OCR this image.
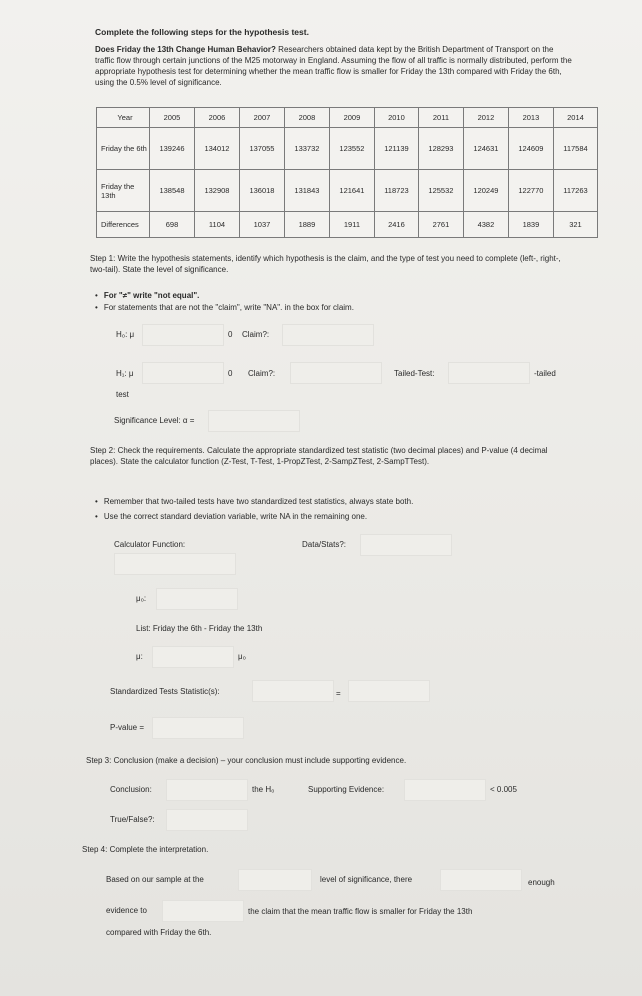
Complete the following steps for the hypothesis test.
Does Friday the 13th Change Human Behavior? Researchers obtained data kept by the British Department of Transport on the traffic flow through certain junctions of the M25 motorway in England. Assuming the flow of all traffic is normally distributed, perform the appropriate hypothesis test for determining whether the mean traffic flow is smaller for Friday the 13th compared with Friday the 6th, using the 0.5% level of significance.
Year	2005	2006	2007	2008	2009	2010	2011	2012	2013	2014
Friday the 6th	139246	134012	137055	133732	123552	121139	128293	124631	124609	117584
Friday the 13th	138548	132908	136018	131843	121641	118723	125532	120249	122770	117263
Differences	698	1104	1037	1889	1911	2416	2761	4382	1839	321
Step 1: Write the hypothesis statements, identify which hypothesis is the claim, and the type of test you need to complete (left-, right-, two-tail). State the level of significance.
• For "≠" write "not equal".
• For statements that are not the "claim", write "NA". in the box for claim.
H₀: μ	0 Claim?:
H₁: μ	0 Claim?:	Tailed-Test:	-tailed
test
Significance Level: α =
Step 2: Check the requirements. Calculate the appropriate standardized test statistic (two decimal places) and P-value (4 decimal places). State the calculator function (Z-Test, T-Test, 1-PropZTest, 2-SampZTest, 2-SampTTest).
• Remember that two-tailed tests have two standardized test statistics, always state both.
• Use the correct standard deviation variable, write NA in the remaining one.
Calculator Function:	Data/Stats?:
μ₀:
List: Friday the 6th - Friday the 13th
μ:	μ₀
Standardized Tests Statistic(s):	=
P-value =
Step 3: Conclusion (make a decision) – your conclusion must include supporting evidence.
Conclusion:	the H₀	Supporting Evidence:	< 0.005
True/False?:
Step 4: Complete the interpretation.
Based on our sample at the	level of significance, there	enough
evidence to	the claim that the mean traffic flow is smaller for Friday the 13th
compared with Friday the 6th.
